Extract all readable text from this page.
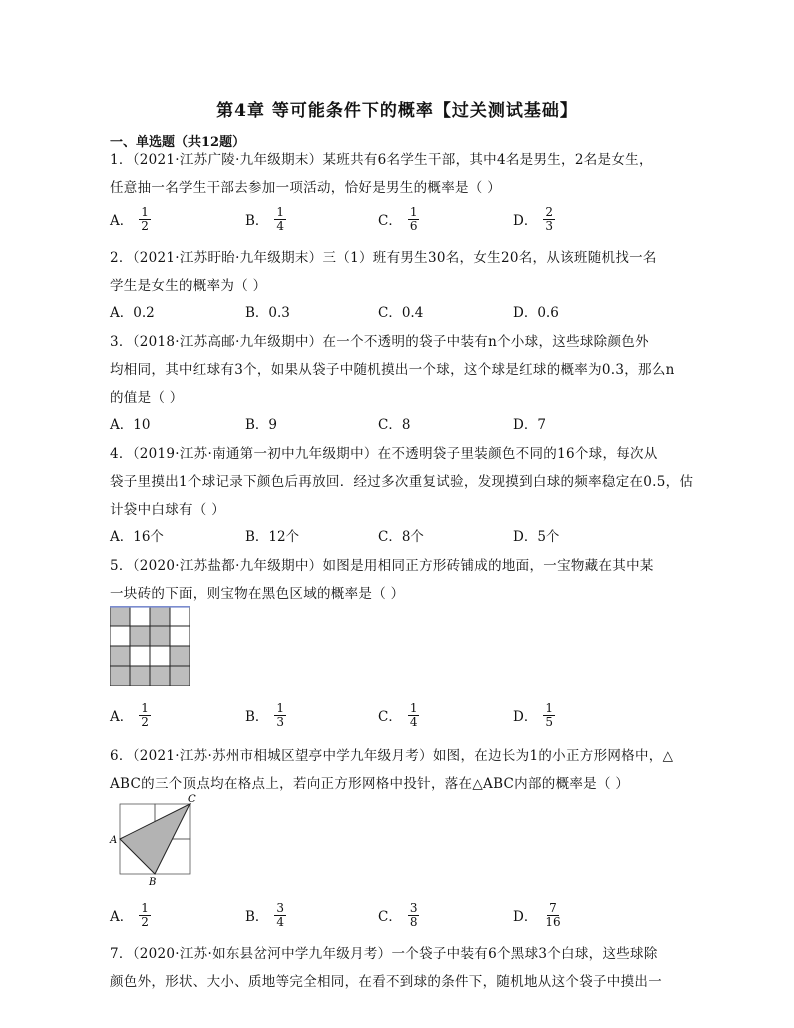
第4章 等可能条件下的概率【过关测试基础】
一、单选题（共12题）
1．（2021·江苏广陵·九年级期末）某班共有6名学生干部，其中4名是男生，2名是女生，
任意抽一名学生干部去参加一项活动，恰好是男生的概率是（ ）
A． $\frac{1}{2}$	B． $\frac{1}{4}$	C． $\frac{1}{6}$	D． $\frac{2}{3}$
2．（2021·江苏盱眙·九年级期末）三（1）班有男生30名，女生20名，从该班随机找一名
学生是女生的概率为（ ）
A．0.2	B．0.3	C．0.4	D．0.6
3．（2018·江苏高邮·九年级期中）在一个不透明的袋子中装有n个小球，这些球除颜色外
均相同，其中红球有3个，如果从袋子中随机摸出一个球，这个球是红球的概率为0.3，那么n
的值是（ ）
A．10	B．9	C．8	D．7
4．（2019·江苏·南通第一初中九年级期中）在不透明袋子里装颜色不同的16个球，每次从
袋子里摸出1个球记录下颜色后再放回．经过多次重复试验，发现摸到白球的频率稳定在0.5，估
计袋中白球有（ ）
A．16个	B．12个	C．8个	D．5个
5．（2020·江苏盐都·九年级期中）如图是用相同正方形砖铺成的地面，一宝物藏在其中某
一块砖的下面，则宝物在黑色区域的概率是（ ）
A． $\frac{1}{2}$	B． $\frac{1}{3}$	C． $\frac{1}{4}$	D． $\frac{1}{5}$
6．（2021·江苏·苏州市相城区望亭中学九年级月考）如图，在边长为1的小正方形网格中，△
ABC的三个顶点均在格点上，若向正方形网格中投针，落在△ABC内部的概率是（ ）
A
C
B
A． $\frac{1}{2}$	B． $\frac{3}{4}$	C． $\frac{3}{8}$	D． $\frac{7}{16}$
7．（2020·江苏·如东县岔河中学九年级月考）一个袋子中装有6个黑球3个白球，这些球除
颜色外，形状、大小、质地等完全相同，在看不到球的条件下，随机地从这个袋子中摸出一
